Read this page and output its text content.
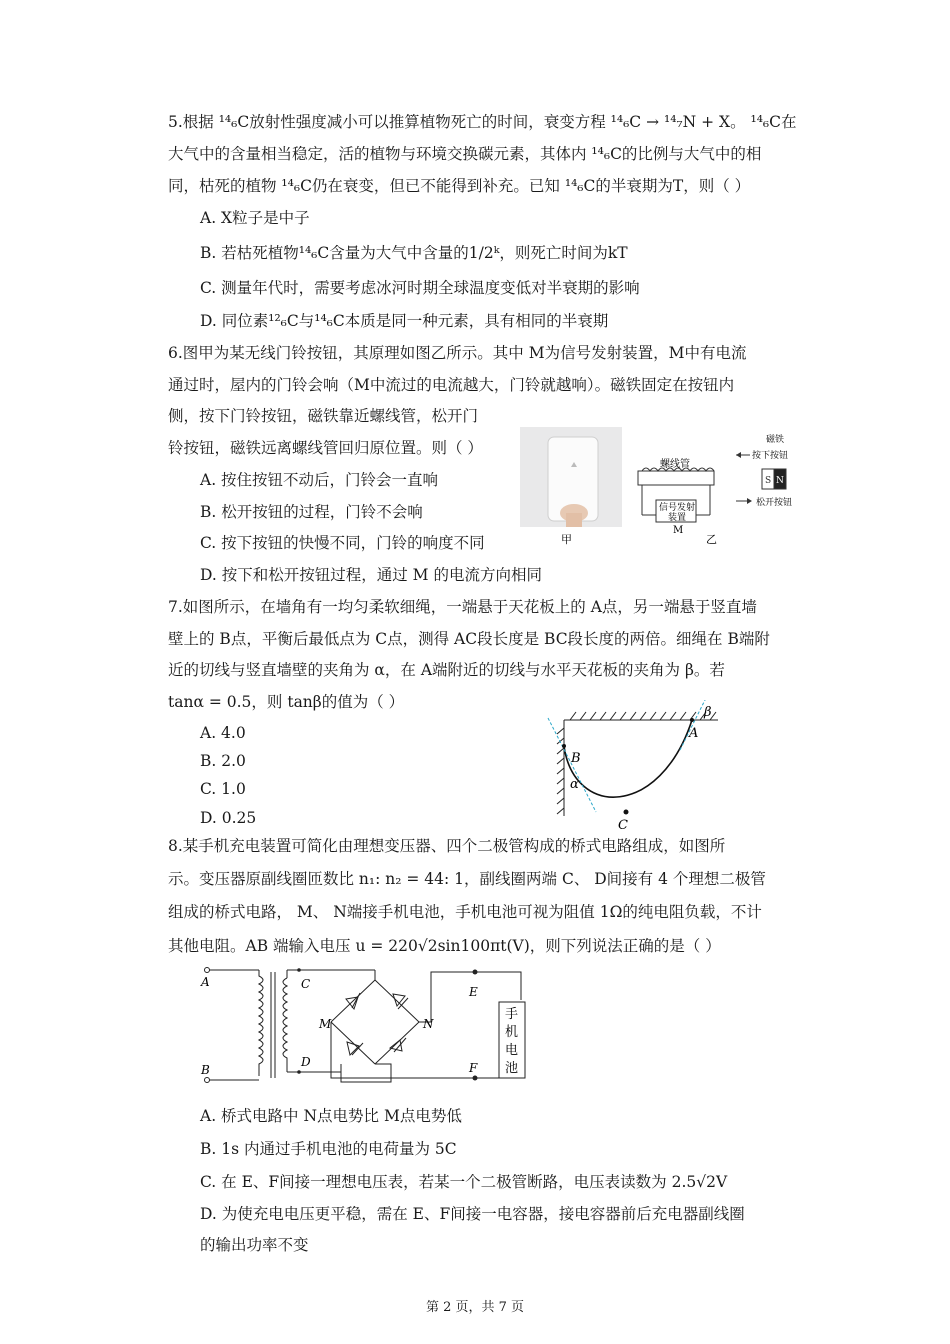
5.根据 ¹⁴₆C放射性强度减小可以推算植物死亡的时间，衰变方程 ¹⁴₆C → ¹⁴₇N + X。 ¹⁴₆C在
大气中的含量相当稳定，活的植物与环境交换碳元素，其体内 ¹⁴₆C的比例与大气中的相
同，枯死的植物 ¹⁴₆C仍在衰变，但已不能得到补充。已知 ¹⁴₆C的半衰期为T，则（ ）
A. X粒子是中子
B. 若枯死植物¹⁴₆C含量为大气中含量的1/2ᵏ，则死亡时间为kT
C. 测量年代时，需要考虑冰河时期全球温度变低对半衰期的影响
D. 同位素¹²₆C与¹⁴₆C本质是同一种元素，具有相同的半衰期
6.图甲为某无线门铃按钮，其原理如图乙所示。其中 M为信号发射装置，M中有电流
通过时，屋内的门铃会响（M中流过的电流越大，门铃就越响）。磁铁固定在按钮内
侧，按下门铃按钮，磁铁靠近螺线管，松开门
铃按钮，磁铁远离螺线管回归原位置。则（ ）
A. 按住按钮不动后，门铃会一直响
B. 松开按钮的过程，门铃不会响
C. 按下按钮的快慢不同，门铃的响度不同
D. 按下和松开按钮过程，通过 M 的电流方向相同
甲
螺线管
信号发射
装置
M
乙
磁铁
按下按钮
S N
松开按钮
7.如图所示，在墙角有一均匀柔软细绳，一端悬于天花板上的 A点，另一端悬于竖直墙
壁上的 B点，平衡后最低点为 C点，测得 AC段长度是 BC段长度的两倍。细绳在 B端附
近的切线与竖直墙壁的夹角为 α，在 A端附近的切线与水平天花板的夹角为 β。若
tanα = 0.5，则 tanβ的值为（ ）
A. 4.0
B. 2.0
C. 1.0
D. 0.25
B
A
C
α
β
8.某手机充电装置可简化由理想变压器、四个二极管构成的桥式电路组成，如图所
示。变压器原副线圈匝数比 n₁: n₂ = 44: 1，副线圈两端 C、 D间接有 4 个理想二极管
组成的桥式电路， M、 N端接手机电池，手机电池可视为阻值 1Ω的纯电阻负载，不计
其他电阻。AB 端输入电压 u = 220√2sin100πt(V)，则下列说法正确的是（ ）
A
B
C
D
M	N
E
F
手
机
电
池
A. 桥式电路中 N点电势比 M点电势低
B. 1s 内通过手机电池的电荷量为 5C
C. 在 E、F间接一理想电压表，若某一个二极管断路，电压表读数为 2.5√2V
D. 为使充电电压更平稳，需在 E、F间接一电容器，接电容器前后充电器副线圈
的输出功率不变
第 2 页，共 7 页
